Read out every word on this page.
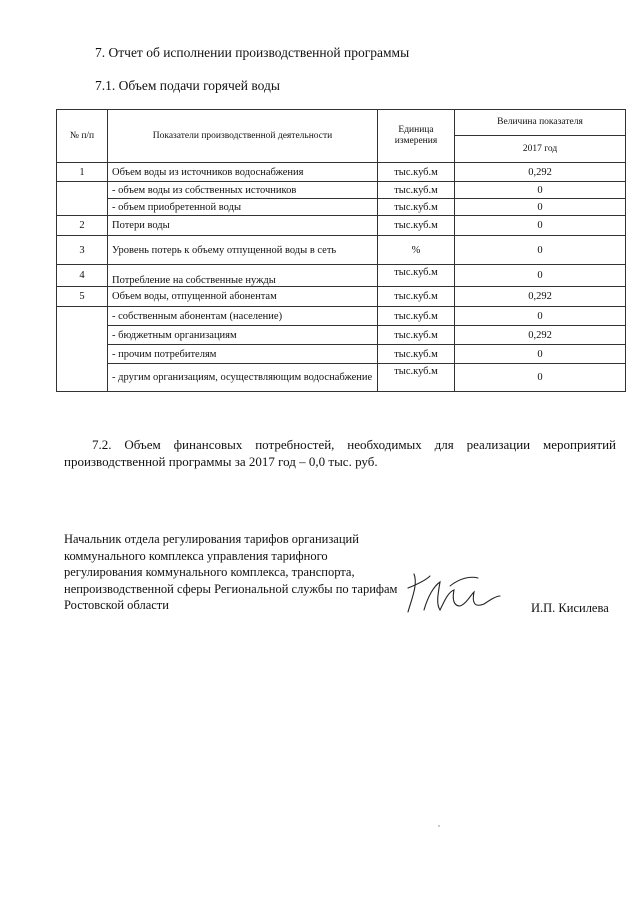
7. Отчет об исполнении производственной программы
7.1. Объем подачи горячей воды
№ п/п	Показатели производственной деятельности	Единица измерения	Величина показателя
			2017 год
1	Объем воды из источников водоснабжения	тыс.куб.м	0,292
	- объем воды из собственных источников	тыс.куб.м	0
	- объем приобретенной воды	тыс.куб.м	0
2	Потери воды	тыс.куб.м	0
3	Уровень потерь к объему отпущенной воды в сеть	%	0
4	Потребление на собственные нужды	тыс.куб.м	0
5	Объем воды, отпущенной абонентам	тыс.куб.м	0,292
	- собственным абонентам (население)	тыс.куб.м	0
	- бюджетным организациям	тыс.куб.м	0,292
	- прочим потребителям	тыс.куб.м	0
	- другим организациям, осуществляющим водоснабжение	тыс.куб.м	0
7.2. Объем финансовых потребностей, необходимых для реализации мероприятий производственной программы за 2017 год – 0,0 тыс. руб.
Начальник отдела регулирования тарифов организаций коммунального комплекса управления тарифного регулирования коммунального комплекса, транспорта, непроизводственной сферы Региональной службы по тарифам Ростовской области	И.П. Кисилева
